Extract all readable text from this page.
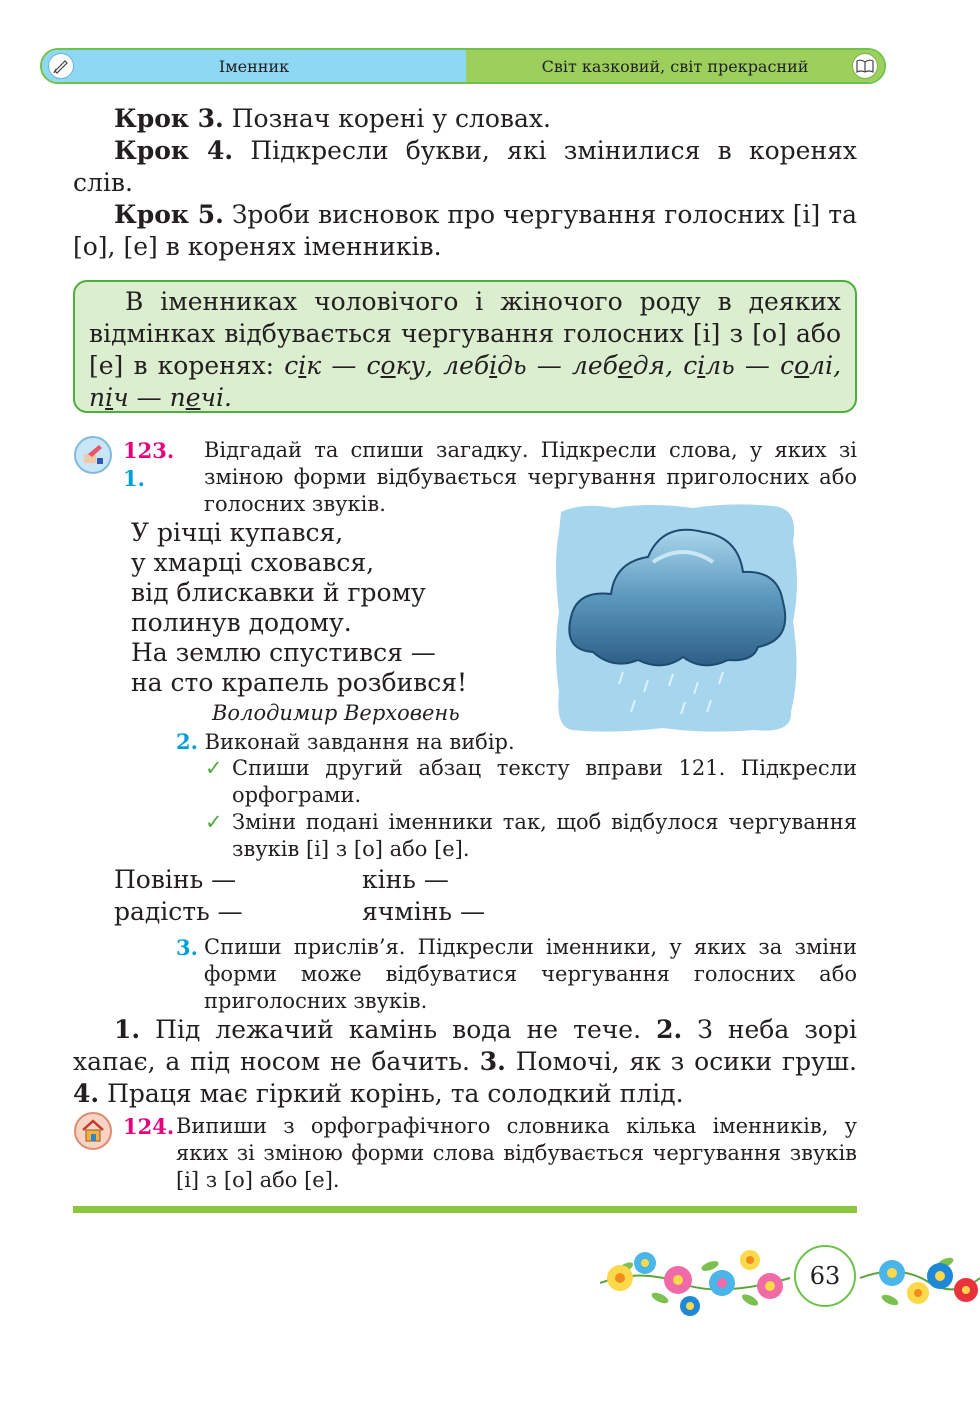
Іменник	Світ казковий, світ прекрасний
Крок 3. Познач корені у словах.
Крок 4. Підкресли букви, які змінилися в коренях слів.
Крок 5. Зроби висновок про чергування голосних [і] та [о], [е] в коренях іменників.

В іменниках чоловічого і жіночого роду в деяких відмінках відбувається чергування голосних [і] з [о] або [е] в коренях: сік — соку, лебідь — лебедя, сіль — солі, піч — печі.

123. 1.
Відгадай та спиши загадку. Підкресли слова, у яких зі зміною форми відбувається чергування приголосних або голосних звуків.
У річці купався,
у хмарці сховався,
від блискавки й грому
полинув додому.
На землю спустився —
на сто крапель розбився!
Володимир Верховень
2. Виконай завдання на вибір.
✓ Спиши другий абзац тексту вправи 121. Підкресли орфограми.
✓ Зміни подані іменники так, щоб відбулося чергування звуків [і] з [о] або [е].
Повінь —	кінь —
радість —	ячмінь —
3. Спиши прислів’я. Підкресли іменники, у яких за зміни форми може відбуватися чергування голосних або приголосних звуків.
1. Під лежачий камінь вода не тече. 2. З неба зорі хапає, а під носом не бачить. 3. Помочі, як з осики груш. 4. Праця має гіркий корінь, та солодкий плід.
124. Випиши з орфографічного словника кілька іменників, у яких зі зміною форми слова відбувається чергування звуків [і] з [о] або [е].
63
